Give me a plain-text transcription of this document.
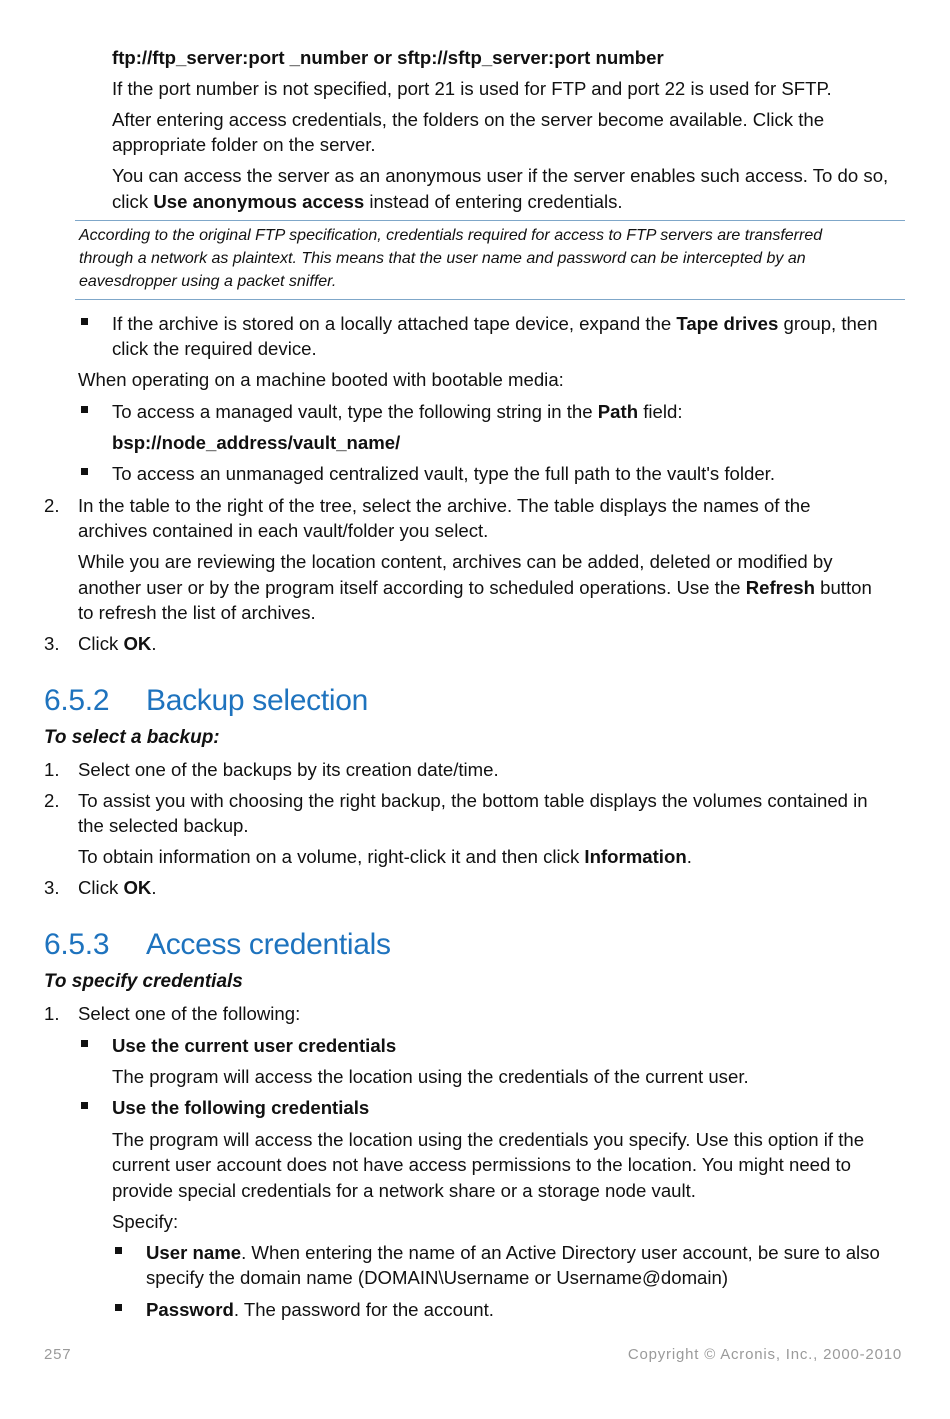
ftp://ftp_server:port _number or sftp://sftp_server:port number
If the port number is not specified, port 21 is used for FTP and port 22 is used for SFTP.
After entering access credentials, the folders on the server become available. Click the
appropriate folder on the server.
You can access the server as an anonymous user if the server enables such access. To do so,
click Use anonymous access instead of entering credentials.
According to the original FTP specification, credentials required for access to FTP servers are transferred
through a network as plaintext. This means that the user name and password can be intercepted by an
eavesdropper using a packet sniffer.
If the archive is stored on a locally attached tape device, expand the Tape drives group, then
click the required device.
When operating on a machine booted with bootable media:
To access a managed vault, type the following string in the Path field:
bsp://node_address/vault_name/
To access an unmanaged centralized vault, type the full path to the vault's folder.
2. In the table to the right of the tree, select the archive. The table displays the names of the
archives contained in each vault/folder you select.
While you are reviewing the location content, archives can be added, deleted or modified by
another user or by the program itself according to scheduled operations. Use the Refresh button
to refresh the list of archives.
3. Click OK.
6.5.2 Backup selection
To select a backup:
1. Select one of the backups by its creation date/time.
2. To assist you with choosing the right backup, the bottom table displays the volumes contained in
the selected backup.
To obtain information on a volume, right-click it and then click Information.
3. Click OK.
6.5.3 Access credentials
To specify credentials
1. Select one of the following:
Use the current user credentials
The program will access the location using the credentials of the current user.
Use the following credentials
The program will access the location using the credentials you specify. Use this option if the
current user account does not have access permissions to the location. You might need to
provide special credentials for a network share or a storage node vault.
Specify:
User name. When entering the name of an Active Directory user account, be sure to also
specify the domain name (DOMAIN\Username or Username@domain)
Password. The password for the account.
257	Copyright © Acronis, Inc., 2000-2010
